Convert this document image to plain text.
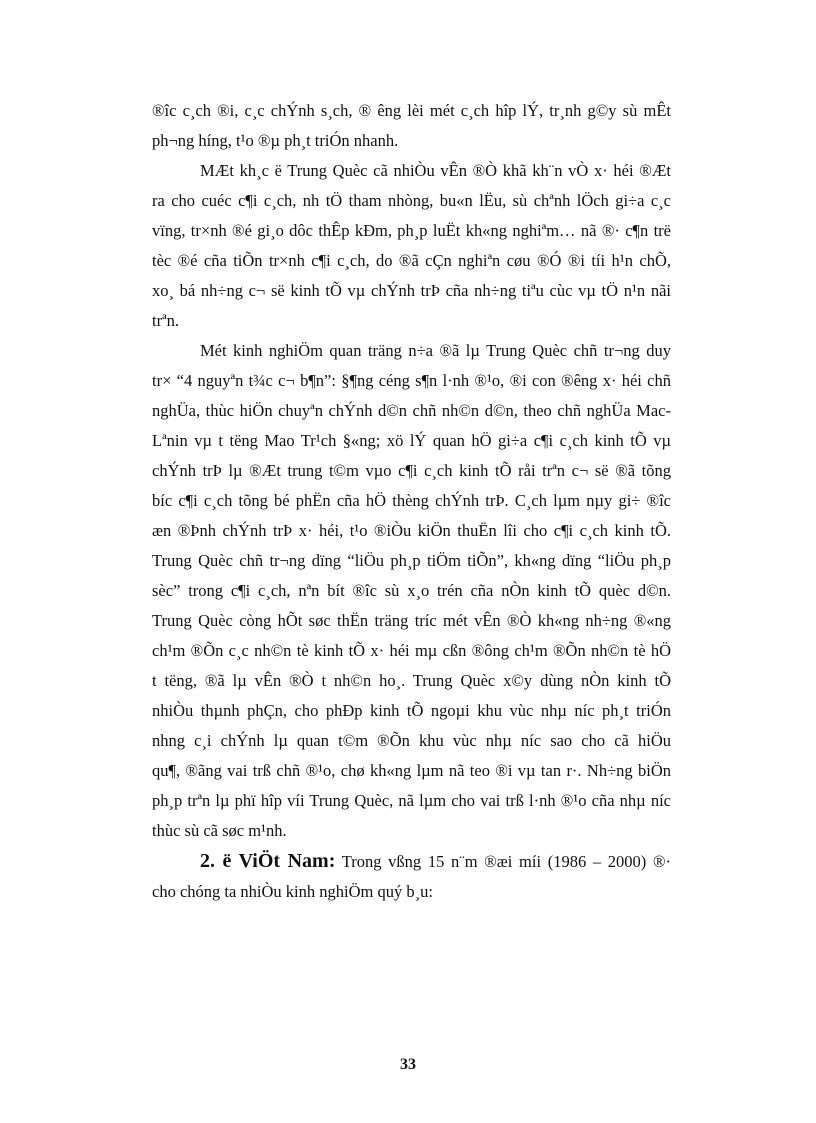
®îc c¸ch ®i, c¸c chÝnh s¸ch, ® êng lèi mét c¸ch hîp lÝ, tr¸nh g©y sù mÊt
ph¬ng híng, t¹o ®µ ph¸t triÓn nhanh.

MÆt kh¸c ë Trung Quèc cã nhiÒu vÊn ®Ò khã kh¨n vÒ x· héi ®Æt
ra cho cuéc c¶i c¸ch, nh tÖ tham nhòng, bu«n lËu, sù chªnh lÖch gi÷a c¸c
vïng, tr×nh ®é gi¸o dôc thÊp kÐm, ph¸p luËt kh«ng nghiªm… nã ®· c¶n trë
tèc ®é cña tiÕn tr×nh c¶i c¸ch, do ®ã cÇn nghiªn cøu ®Ó ®i tíi h¹n chÕ,
xo¸ bá nh÷ng c¬ së kinh tÕ vµ chÝnh trÞ cña nh÷ng tiªu cùc vµ tÖ n¹n nãi
trªn.

Mét kinh nghiÖm quan träng n÷a ®ã lµ Trung Quèc chñ tr¬ng duy
tr× “4 nguyªn t¾c c¬ b¶n”: §¶ng céng s¶n l·nh ®¹o, ®i con ®êng x· héi chñ
nghÜa, thùc hiÖn chuyªn chÝnh d©n chñ nh©n d©n, theo chñ nghÜa Mac-
Lªnin vµ t tëng Mao Tr¹ch §«ng; xö lÝ quan hÖ gi÷a c¶i c¸ch kinh tÕ vµ
chÝnh trÞ lµ ®Æt trung t©m vµo c¶i c¸ch kinh tÕ råi trªn c¬ së ®ã tõng
bíc c¶i c¸ch tõng bé phËn cña hÖ thèng chÝnh trÞ. C¸ch lµm nµy gi÷ ®îc
æn ®Þnh chÝnh trÞ x· héi, t¹o ®iÒu kiÖn thuËn lîi cho c¶i c¸ch kinh tÕ.
Trung Quèc chñ tr¬ng dïng “liÖu ph¸p tiÖm tiÕn”, kh«ng dïng “liÖu ph¸p
sèc” trong c¶i c¸ch, nªn bít ®îc sù x¸o trén cña nÒn kinh tÕ quèc d©n.
Trung Quèc còng hÕt søc thËn träng tríc mét vÊn ®Ò kh«ng nh÷ng ®«ng
ch¹m ®Õn c¸c nh©n tè kinh tÕ x· héi mµ cßn ®ông ch¹m ®Õn nh©n tè hÖ
t tëng, ®ã lµ vÊn ®Ò t nh©n ho¸. Trung Quèc x©y dùng nÒn kinh tÕ
nhiÒu thµnh phÇn, cho phÐp kinh tÕ ngoµi khu vùc nhµ níc ph¸t triÓn
nhng c¸i chÝnh lµ quan t©m ®Õn khu vùc nhµ níc sao cho cã hiÖu
qu¶, ®ãng vai trß chñ ®¹o, chø kh«ng lµm nã teo ®i vµ tan r·. Nh÷ng biÖn
ph¸p trªn lµ phï hîp víi Trung Quèc, nã lµm cho vai trß l·nh ®¹o cña nhµ níc
thùc sù cã søc m¹nh.

2. ë ViÖt Nam: Trong vßng 15 n¨m ®æi míi (1986 – 2000) ®·
cho chóng ta nhiÒu kinh nghiÖm quý b¸u:

33
